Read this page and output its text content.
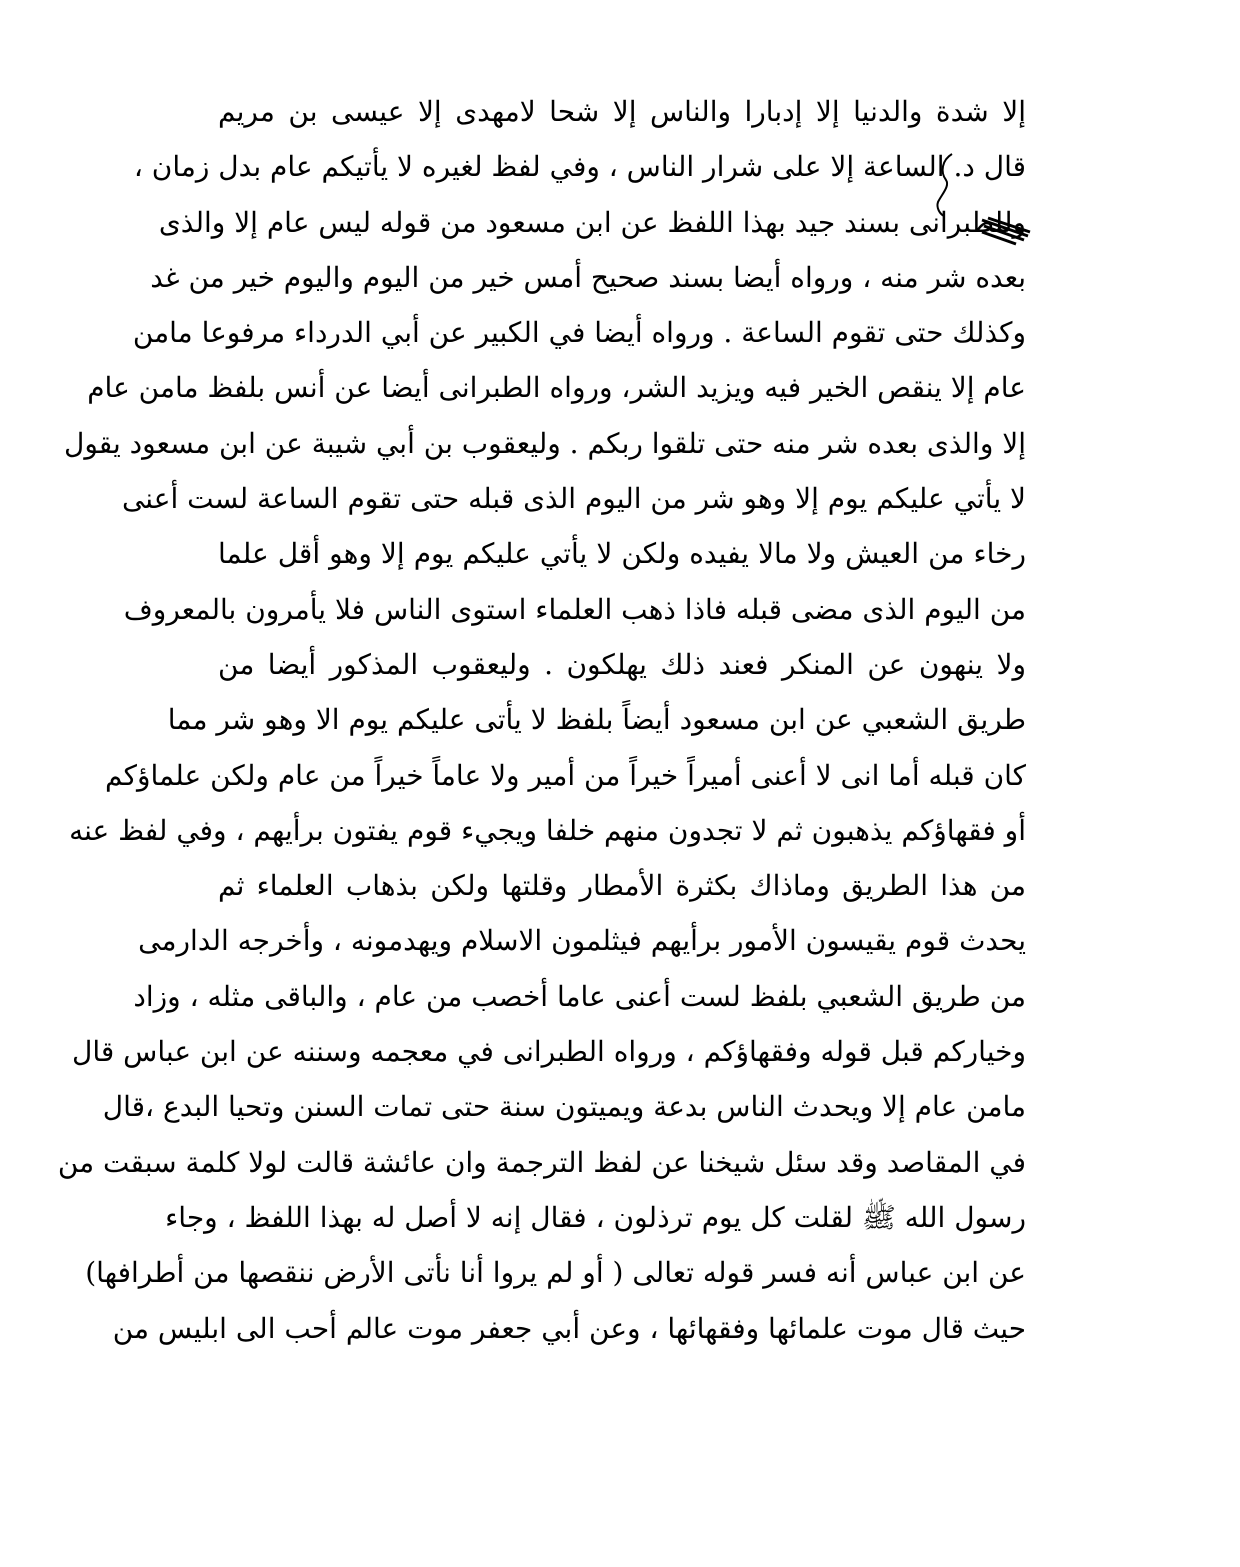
إلا شدة والدنيا إلا إدبارا والناس إلا شحا لامهدى إلا عيسى بن مريم
قال د. الساعة إلا على شرار الناس ، وفي لفظ لغيره لا يأتيكم عام بدل زمان ،
وللطبرانى بسند جيد بهذا اللفظ عن ابن مسعود من قوله ليس عام إلا والذى
بعده شر منه ، ورواه أيضا بسند صحيح أمس خير من اليوم واليوم خير من غد
وكذلك حتى تقوم الساعة . ورواه أيضا في الكبير عن أبي الدرداء مرفوعا مامن
عام إلا ينقص الخير فيه ويزيد الشر، ورواه الطبرانى أيضا عن أنس بلفظ مامن عام
إلا والذى بعده شر منه حتى تلقوا ربكم . وليعقوب بن أبي شيبة عن ابن مسعود يقول
لا يأتي عليكم يوم إلا وهو شر من اليوم الذى قبله حتى تقوم الساعة لست أعنى
رخاء من العيش ولا مالا يفيده ولكن لا يأتي عليكم يوم إلا وهو أقل علما
من اليوم الذى مضى قبله فاذا ذهب العلماء استوى الناس فلا يأمرون بالمعروف
ولا ينهون عن المنكر فعند ذلك يهلكون . وليعقوب المذكور أيضا من
طريق الشعبي عن ابن مسعود أيضاً بلفظ لا يأتى عليكم يوم الا وهو شر مما
كان قبله أما انى لا أعنى أميراً خيراً من أمير ولا عاماً خيراً من عام ولكن علماؤكم
أو فقهاؤكم يذهبون ثم لا تجدون منهم خلفا ويجيء قوم يفتون برأيهم ، وفي لفظ عنه
من هذا الطريق وماذاك بكثرة الأمطار وقلتها ولكن بذهاب العلماء ثم
يحدث قوم يقيسون الأمور برأيهم فيثلمون الاسلام ويهدمونه ، وأخرجه الدارمى
من طريق الشعبي بلفظ لست أعنى عاما أخصب من عام ، والباقى مثله ، وزاد
وخياركم قبل قوله وفقهاؤكم ، ورواه الطبرانى في معجمه وسننه عن ابن عباس قال
مامن عام إلا ويحدث الناس بدعة ويميتون سنة حتى تمات السنن وتحيا البدع ،قال
في المقاصد وقد سئل شيخنا عن لفظ الترجمة وان عائشة قالت لولا كلمة سبقت من
رسول الله ﷺ لقلت كل يوم ترذلون ، فقال إنه لا أصل له بهذا اللفظ ، وجاء
عن ابن عباس أنه فسر قوله تعالى ( أو لم يروا أنا نأتى الأرض ننقصها من أطرافها)
حيث قال موت علمائها وفقهائها ، وعن أبي جعفر موت عالم أحب الى ابليس من
